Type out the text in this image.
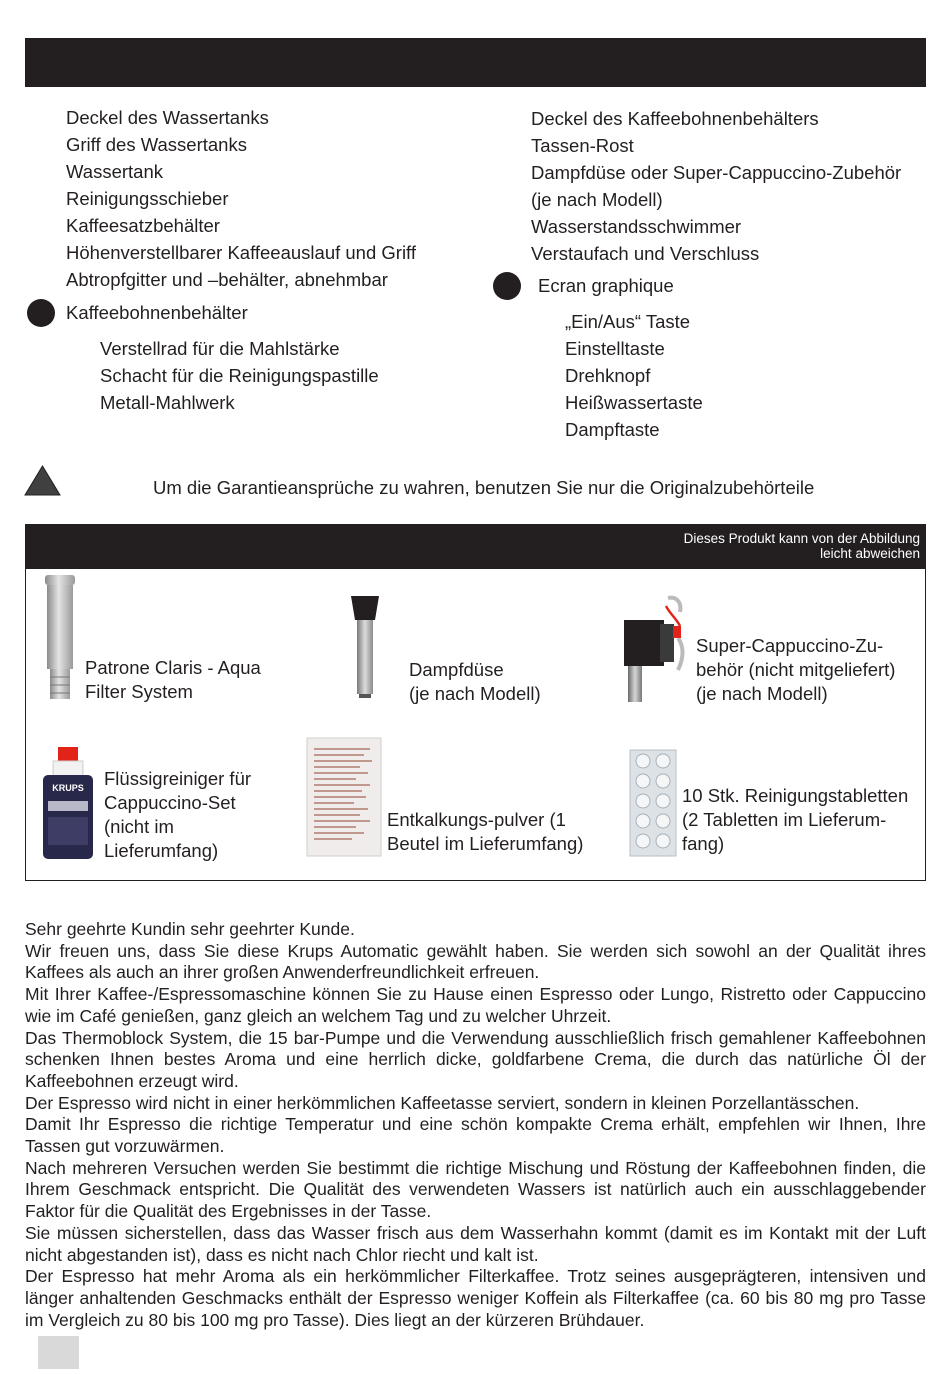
Deckel des Wassertanks
Griff des Wassertanks
Wassertank
Reinigungsschieber
Kaffeesatzbehälter
Höhenverstellbarer Kaffeeauslauf und Griff
Abtropfgitter und –behälter, abnehmbar
Kaffeebohnenbehälter
Verstellrad für die Mahlstärke
Schacht für die Reinigungspastille
Metall-Mahlwerk
Deckel des Kaffeebohnenbehälters
Tassen-Rost
Dampfdüse oder Super-Cappuccino-Zubehör
(je nach Modell)
Wasserstandsschwimmer
Verstaufach und Verschluss
Ecran graphique
„Ein/Aus“ Taste
Einstelltaste
Drehknopf
Heißwassertaste
Dampftaste
Um die Garantieansprüche zu wahren, benutzen Sie nur die Originalzubehörteile
Dieses Produkt kann von der Abbildung
leicht abweichen
Patrone Claris - Aqua
Filter System
Dampfdüse
(je nach Modell)
Super-Cappuccino-Zu-
behör (nicht mitgeliefert)
(je nach Modell)
KRUPS Flüssigreiniger für
Cappuccino-Set
(nicht im
Lieferumfang)
Entkalkungs-pulver (1
Beutel im Lieferumfang)
10 Stk. Reinigungstabletten
(2 Tabletten im Lieferum-
fang)

Sehr geehrte Kundin sehr geehrter Kunde.

Wir freuen uns, dass Sie diese Krups Automatic gewählt haben. Sie werden sich sowohl an der Qualität ihres Kaffees als auch an ihrer großen Anwenderfreundlichkeit erfreuen.

Mit Ihrer Kaffee-/Espressomaschine können Sie zu Hause einen Espresso oder Lungo, Ristretto oder Cappuccino wie im Café genießen, ganz gleich an welchem Tag und zu welcher Uhrzeit.

Das Thermoblock System, die 15 bar-Pumpe und die Verwendung ausschließlich frisch gemahlener Kaffeebohnen schenken Ihnen bestes Aroma und eine herrlich dicke, goldfarbene Crema, die durch das natürliche Öl der Kaffeebohnen erzeugt wird.

Der Espresso wird nicht in einer herkömmlichen Kaffeetasse serviert, sondern in kleinen Porzellantässchen.

Damit Ihr Espresso die richtige Temperatur und eine schön kompakte Crema erhält, empfehlen wir Ihnen, Ihre Tassen gut vorzuwärmen.

Nach mehreren Versuchen werden Sie bestimmt die richtige Mischung und Röstung der Kaffeebohnen finden, die Ihrem Geschmack entspricht. Die Qualität des verwendeten Wassers ist natürlich auch ein ausschlaggebender Faktor für die Qualität des Ergebnisses in der Tasse.

Sie müssen sicherstellen, dass das Wasser frisch aus dem Wasserhahn kommt (damit es im Kontakt mit der Luft nicht abgestanden ist), dass es nicht nach Chlor riecht und kalt ist.

Der Espresso hat mehr Aroma als ein herkömmlicher Filterkaffee. Trotz seines ausgeprägteren, intensiven und länger anhaltenden Geschmacks enthält der Espresso weniger Koffein als Filterkaffee (ca. 60 bis 80 mg pro Tasse im Vergleich zu 80 bis 100 mg pro Tasse). Dies liegt an der kürzeren Brühdauer.
